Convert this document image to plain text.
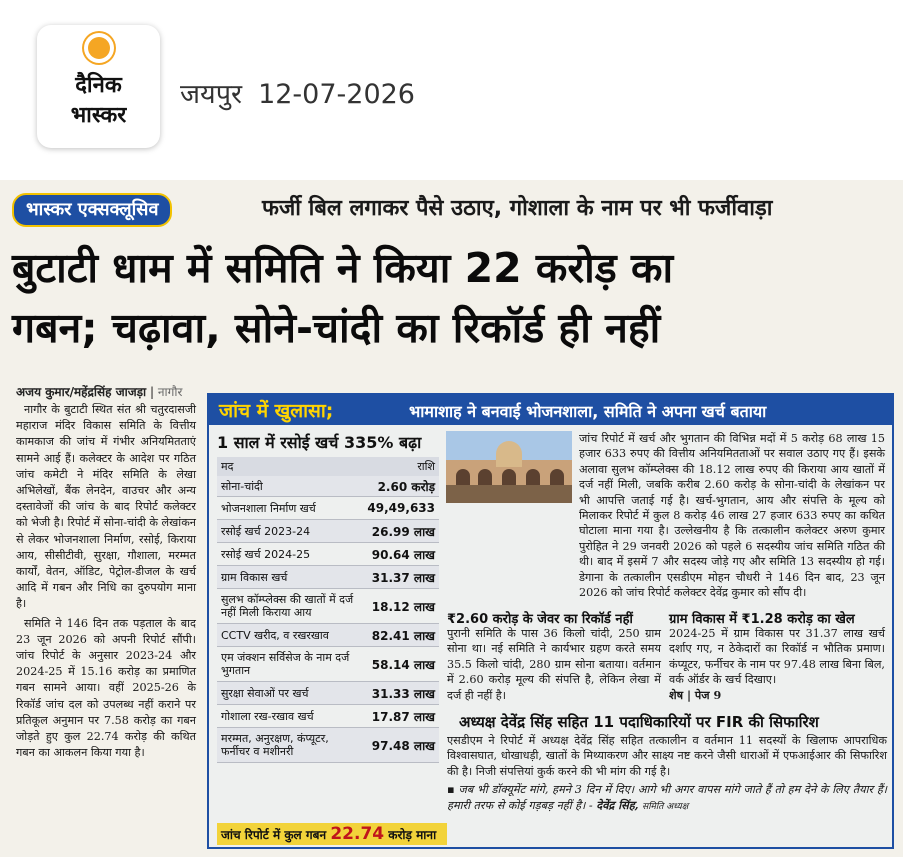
दैनिक
भास्कर
जयपुर 12-07-2026
भास्कर एक्सक्लूसिव	फर्जी बिल लगाकर पैसे उठाए, गोशाला के नाम पर भी फर्जीवाड़ा
बुटाटी धाम में समिति ने किया 22 करोड़ का
गबन; चढ़ावा, सोने-चांदी का रिकॉर्ड ही नहीं
अजय कुमार/महेंद्रसिंह जाजड़ा | नागौर

नागौर के बुटाटी स्थित संत श्री चतुरदासजी महाराज मंदिर विकास समिति के वित्तीय कामकाज की जांच में गंभीर अनियमितताएं सामने आई हैं। कलेक्टर के आदेश पर गठित जांच कमेटी ने मंदिर समिति के लेखा अभिलेखों, बैंक लेनदेन, वाउचर और अन्य दस्तावेजों की जांच के बाद रिपोर्ट कलेक्टर को भेजी है। रिपोर्ट में सोना-चांदी के लेखांकन से लेकर भोजनशाला निर्माण, रसोई, किराया आय, सीसीटीवी, सुरक्षा, गौशाला, मरम्मत कार्यों, वेतन, ऑडिट, पेट्रोल-डीजल के खर्च आदि में गबन और निधि का दुरुपयोग माना है।

समिति ने 146 दिन तक पड़ताल के बाद 23 जून 2026 को अपनी रिपोर्ट सौंपी। जांच रिपोर्ट के अनुसार 2023-24 और 2024-25 में 15.16 करोड़ का प्रमाणित गबन सामने आया। वहीं 2025-26 के रिकॉर्ड जांच दल को उपलब्ध नहीं कराने पर प्रतिकूल अनुमान पर 7.58 करोड़ का गबन जोड़ते हुए कुल 22.74 करोड़ की कथित गबन का आकलन किया गया है।

जांच में खुलासा;	भामाशाह ने बनवाई भोजनशाला, समिति ने अपना खर्च बताया
1 साल में रसोई खर्च 335% बढ़ा
मद	राशि
सोना-चांदी	2.60 करोड़
भोजनशाला निर्माण खर्च	49,49,633
रसोई खर्च 2023-24	26.99 लाख
रसोई खर्च 2024-25	90.64 लाख
ग्राम विकास खर्च	31.37 लाख
सुलभ कॉम्प्लेक्स की खातों में दर्ज नहीं मिली किराया आय	18.12 लाख
CCTV खरीद, व रखरखाव	82.41 लाख
एम जंक्शन सर्विसेज के नाम दर्ज भुगतान	58.14 लाख
सुरक्षा सेवाओं पर खर्च	31.33 लाख
गोशाला रख-रखाव खर्च	17.87 लाख
मरम्मत, अनुरक्षण, कंप्यूटर, फर्नीचर व मशीनरी	97.48 लाख
जांच रिपोर्ट में कुल गबन 22.74 करोड़ माना

जांच रिपोर्ट में खर्च और भुगतान की विभिन्न मदों में 5 करोड़ 68 लाख 15 हजार 633 रुपए की वित्तीय अनियमितताओं पर सवाल उठाए गए हैं। इसके अलावा सुलभ कॉम्प्लेक्स की 18.12 लाख रुपए की किराया आय खातों में दर्ज नहीं मिली, जबकि करीब 2.60 करोड़ के सोना-चांदी के लेखांकन पर भी आपत्ति जताई गई है। खर्च-भुगतान, आय और संपत्ति के मूल्य को मिलाकर रिपोर्ट में कुल 8 करोड़ 46 लाख 27 हजार 633 रुपए का कथित घोटाला माना गया है। उल्लेखनीय है कि तत्कालीन कलेक्टर अरुण कुमार पुरोहित ने 29 जनवरी 2026 को पहले 6 सदस्यीय जांच समिति गठित की थी। बाद में इसमें 7 और सदस्य जोड़े गए और समिति 13 सदस्यीय हो गई। डेगाना के तत्कालीन एसडीएम मोहन चौधरी ने 146 दिन बाद, 23 जून 2026 को जांच रिपोर्ट कलेक्टर देवेंद्र कुमार को सौंप दी।

₹2.60 करोड़ के जेवर का रिकॉर्ड नहीं

पुरानी समिति के पास 36 किलो चांदी, 250 ग्राम सोना था। नई समिति ने कार्यभार ग्रहण करते समय 35.5 किलो चांदी, 280 ग्राम सोना बताया। वर्तमान में 2.60 करोड़ मूल्य की संपत्ति है, लेकिन लेखा में दर्ज ही नहीं है।

ग्राम विकास में ₹1.28 करोड़ का खेल

2024-25 में ग्राम विकास पर 31.37 लाख खर्च दर्शाए गए, न ठेकेदारों का रिकॉर्ड न भौतिक प्रमाण। कंप्यूटर, फर्नीचर के नाम पर 97.48 लाख बिना बिल, वर्क ऑर्डर के खर्च दिखाए।

शेष | पेज 9
अध्यक्ष देवेंद्र सिंह सहित 11 पदाधिकारियों पर FIR की सिफारिश

एसडीएम ने रिपोर्ट में अध्यक्ष देवेंद्र सिंह सहित तत्कालीन व वर्तमान 11 सदस्यों के खिलाफ आपराधिक विश्वासघात, धोखाधड़ी, खातों के मिथ्याकरण और साक्ष्य नष्ट करने जैसी धाराओं में एफआईआर की सिफारिश की है। निजी संपत्तियां कुर्क करने की भी मांग की गई है।

▪ जब भी डॉक्यूमेंट मांगे, हमने 3 दिन में दिए। आगे भी अगर वापस मांगे जाते हैं तो हम देने के लिए तैयार हैं। हमारी तरफ से कोई गड़बड़ नहीं है। - देवेंद्र सिंह, समिति अध्यक्ष
